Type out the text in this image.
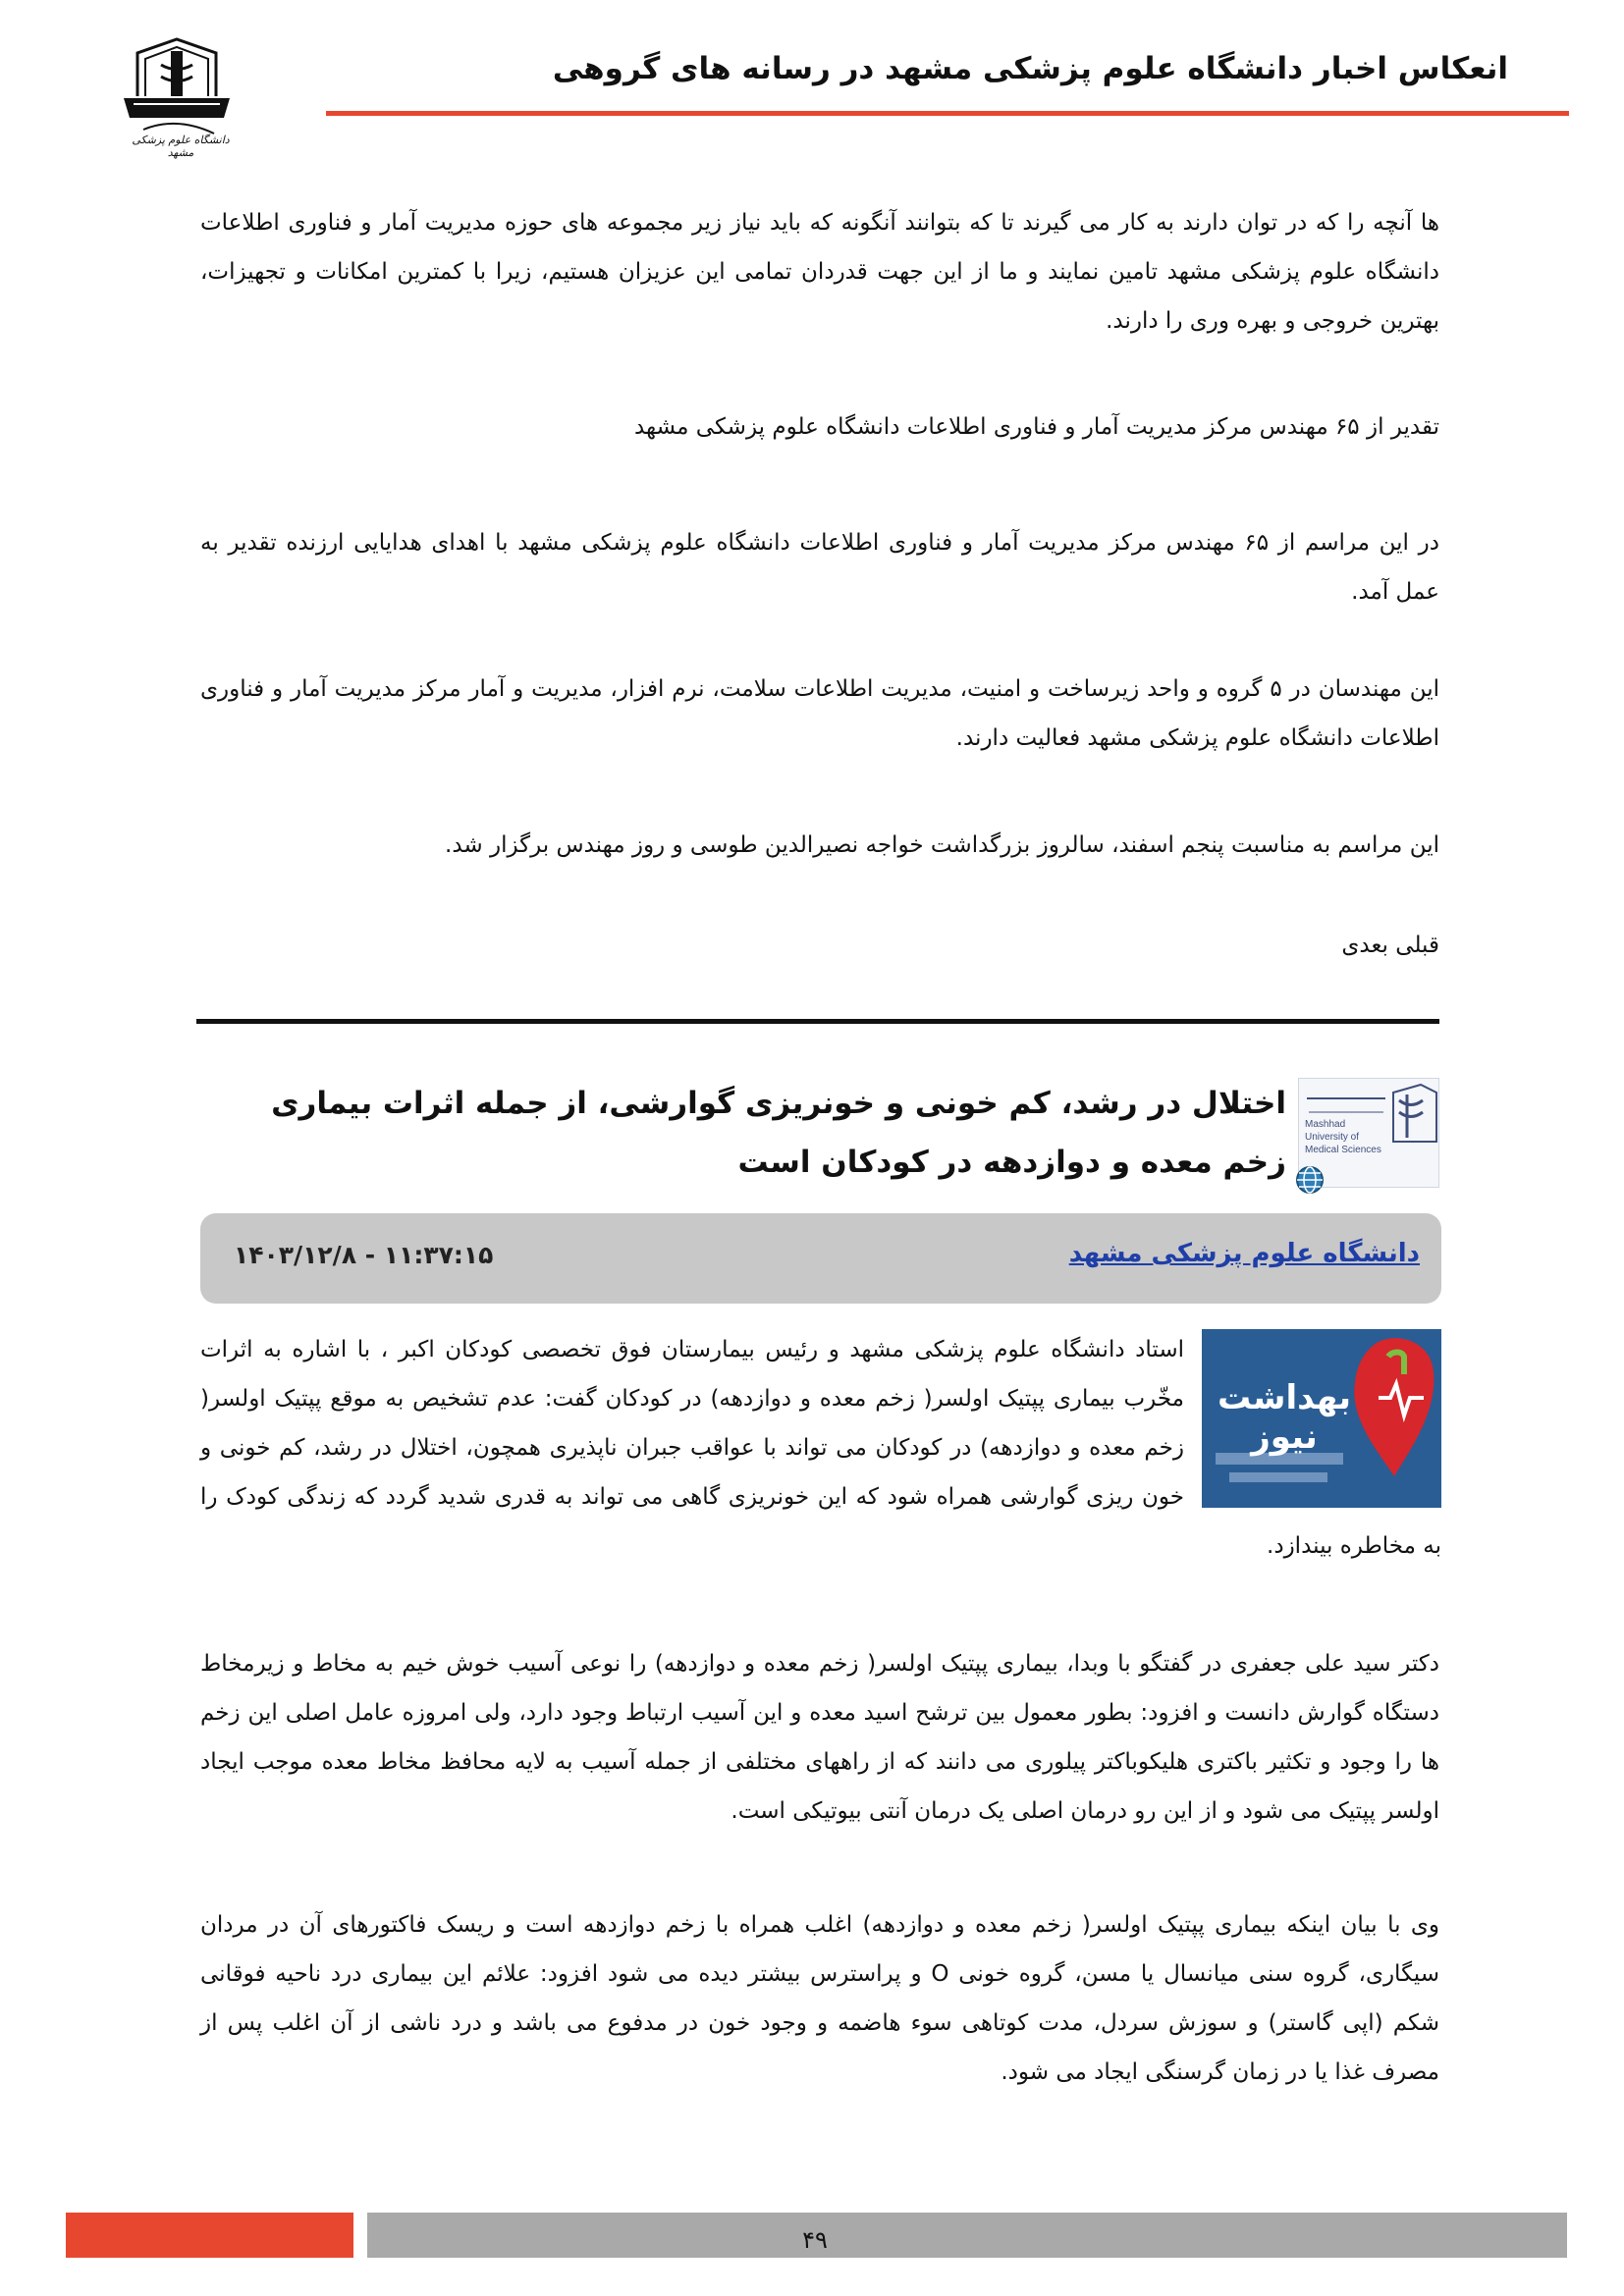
دانشگاه علوم پزشکی مشهد
انعکاس اخبار دانشگاه علوم پزشکی مشهد در رسانه های گروهی
ها آنچه را که در توان دارند به کار می گیرند تا که بتوانند آنگونه که باید نیاز زیر مجموعه های حوزه مدیریت آمار و فناوری اطلاعات دانشگاه علوم پزشکی مشهد تامین نمایند و ما از این جهت قدردان تمامی این عزیزان هستیم، زیرا با کمترین امکانات و تجهیزات، بهترین خروجی و بهره وری را دارند.
تقدیر از ۶۵ مهندس مرکز مدیریت آمار و فناوری اطلاعات دانشگاه علوم پزشکی مشهد
در این مراسم از ۶۵ مهندس مرکز مدیریت آمار و فناوری اطلاعات دانشگاه علوم پزشکی مشهد با اهدای هدایایی ارزنده تقدیر به عمل آمد.
این مهندسان در ۵ گروه و واحد زیرساخت و امنیت، مدیریت اطلاعات سلامت، نرم افزار، مدیریت و آمار مرکز مدیریت آمار و فناوری اطلاعات دانشگاه علوم پزشکی مشهد فعالیت دارند.
این مراسم به مناسبت پنجم اسفند، سالروز بزرگداشت خواجه نصیرالدین طوسی و روز مهندس برگزار شد.
قبلی بعدی
Mashhad University of Medical Sciences
اختلال در رشد، کم خونی و خونریزی گوارشی، از جمله اثرات بیماری زخم معده و دوازدهه در کودکان است
دانشگاه علوم پزشکی مشهد
۱۴۰۳/۱۲/۸ - ۱۱:۳۷:۱۵
بهداشت نیوز
استاد دانشگاه علوم پزشکی مشهد و رئیس بیمارستان فوق تخصصی کودکان اکبر ، با اشاره به اثرات مخّرب بیماری پپتیک اولسر( زخم معده و دوازدهه) در کودکان گفت: عدم تشخیص به موقع پپتیک اولسر( زخم معده و دوازدهه) در کودکان می تواند با عواقب جبران ناپذیری همچون، اختلال در رشد، کم خونی و خون ریزی گوارشی همراه شود که این خونریزی گاهی می تواند به قدری شدید گردد که زندگی کودک را به مخاطره بیندازد.
دکتر سید علی جعفری در گفتگو با وبدا، بیماری پپتیک اولسر( زخم معده و دوازدهه) را نوعی آسیب خوش خیم به مخاط و زیرمخاط دستگاه گوارش دانست و افزود: بطور معمول بین ترشح اسید معده و این آسیب ارتباط وجود دارد، ولی امروزه عامل اصلی این زخم ها را وجود و تکثیر باکتری هلیکوباکتر پیلوری می دانند که از راههای مختلفی از جمله آسیب به لایه محافظ مخاط معده موجب ایجاد اولسر پپتیک می شود و از این رو درمان اصلی یک درمان آنتی بیوتیکی است.
وی با بیان اینکه بیماری پپتیک اولسر( زخم معده و دوازدهه) اغلب همراه با زخم دوازدهه است و ریسک فاکتورهای آن در مردان سیگاری، گروه سنی میانسال یا مسن، گروه خونی O و پراسترس بیشتر دیده می شود افزود: علائم این بیماری درد ناحیه فوقانی شکم (اپی گاستر) و سوزش سردل، مدت کوتاهی سوء هاضمه و وجود خون در مدفوع می باشد و درد ناشی از آن اغلب پس از مصرف غذا یا در زمان گرسنگی ایجاد می شود.
۴۹
